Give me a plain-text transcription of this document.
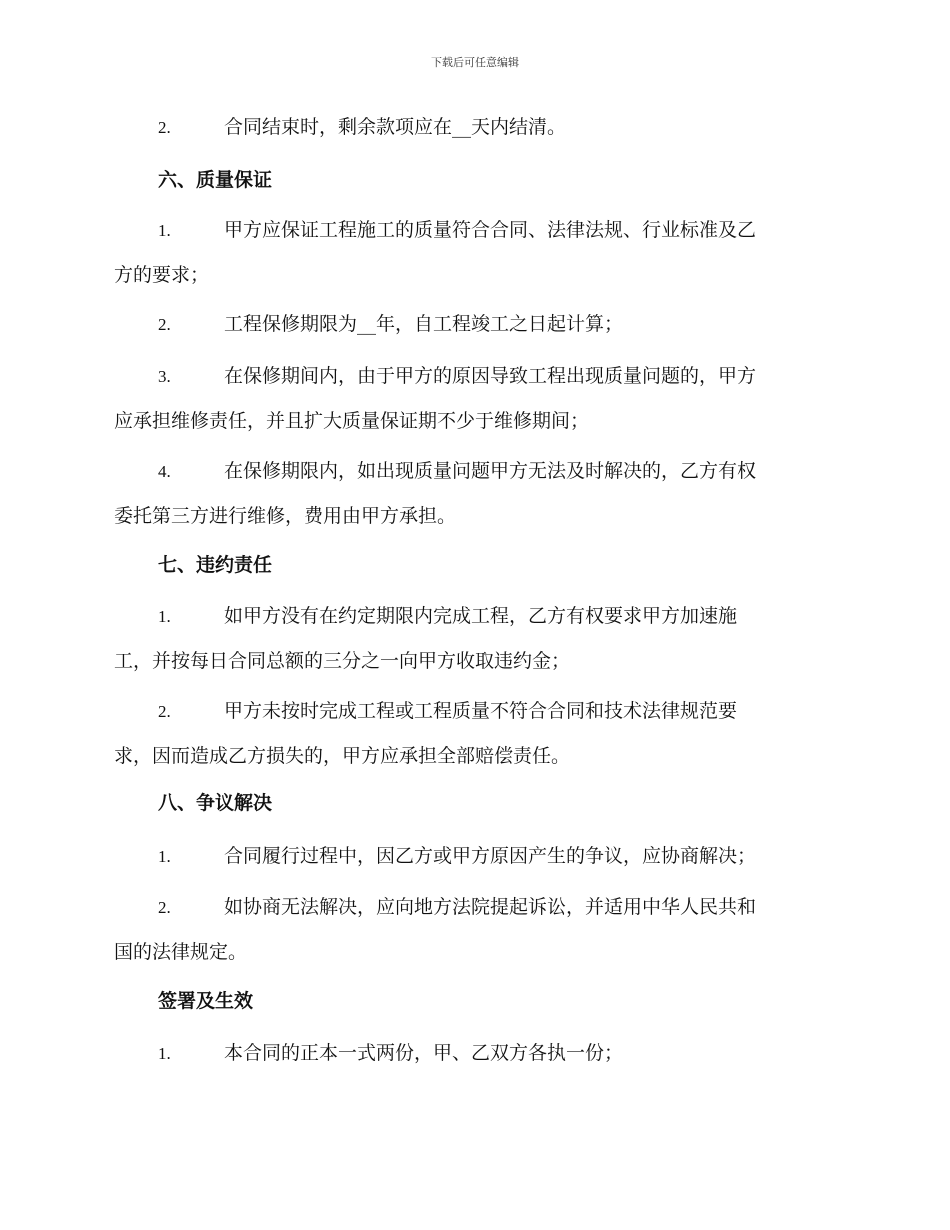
下载后可任意编辑
2.	合同结束时，剩余款项应在__天内结清。
六、质量保证
1.	甲方应保证工程施工的质量符合合同、法律法规、行业标准及乙
方的要求；
2.	工程保修期限为__年，自工程竣工之日起计算；
3.	在保修期间内，由于甲方的原因导致工程出现质量问题的，甲方
应承担维修责任，并且扩大质量保证期不少于维修期间；
4.	在保修期限内，如出现质量问题甲方无法及时解决的，乙方有权
委托第三方进行维修，费用由甲方承担。
七、违约责任
1.	如甲方没有在约定期限内完成工程，乙方有权要求甲方加速施
工，并按每日合同总额的三分之一向甲方收取违约金；
2.	甲方未按时完成工程或工程质量不符合合同和技术法律规范要
求，因而造成乙方损失的，甲方应承担全部赔偿责任。
八、争议解决
1.	合同履行过程中，因乙方或甲方原因产生的争议，应协商解决；
2.	如协商无法解决，应向地方法院提起诉讼，并适用中华人民共和
国的法律规定。
签署及生效
1.	本合同的正本一式两份，甲、乙双方各执一份；
